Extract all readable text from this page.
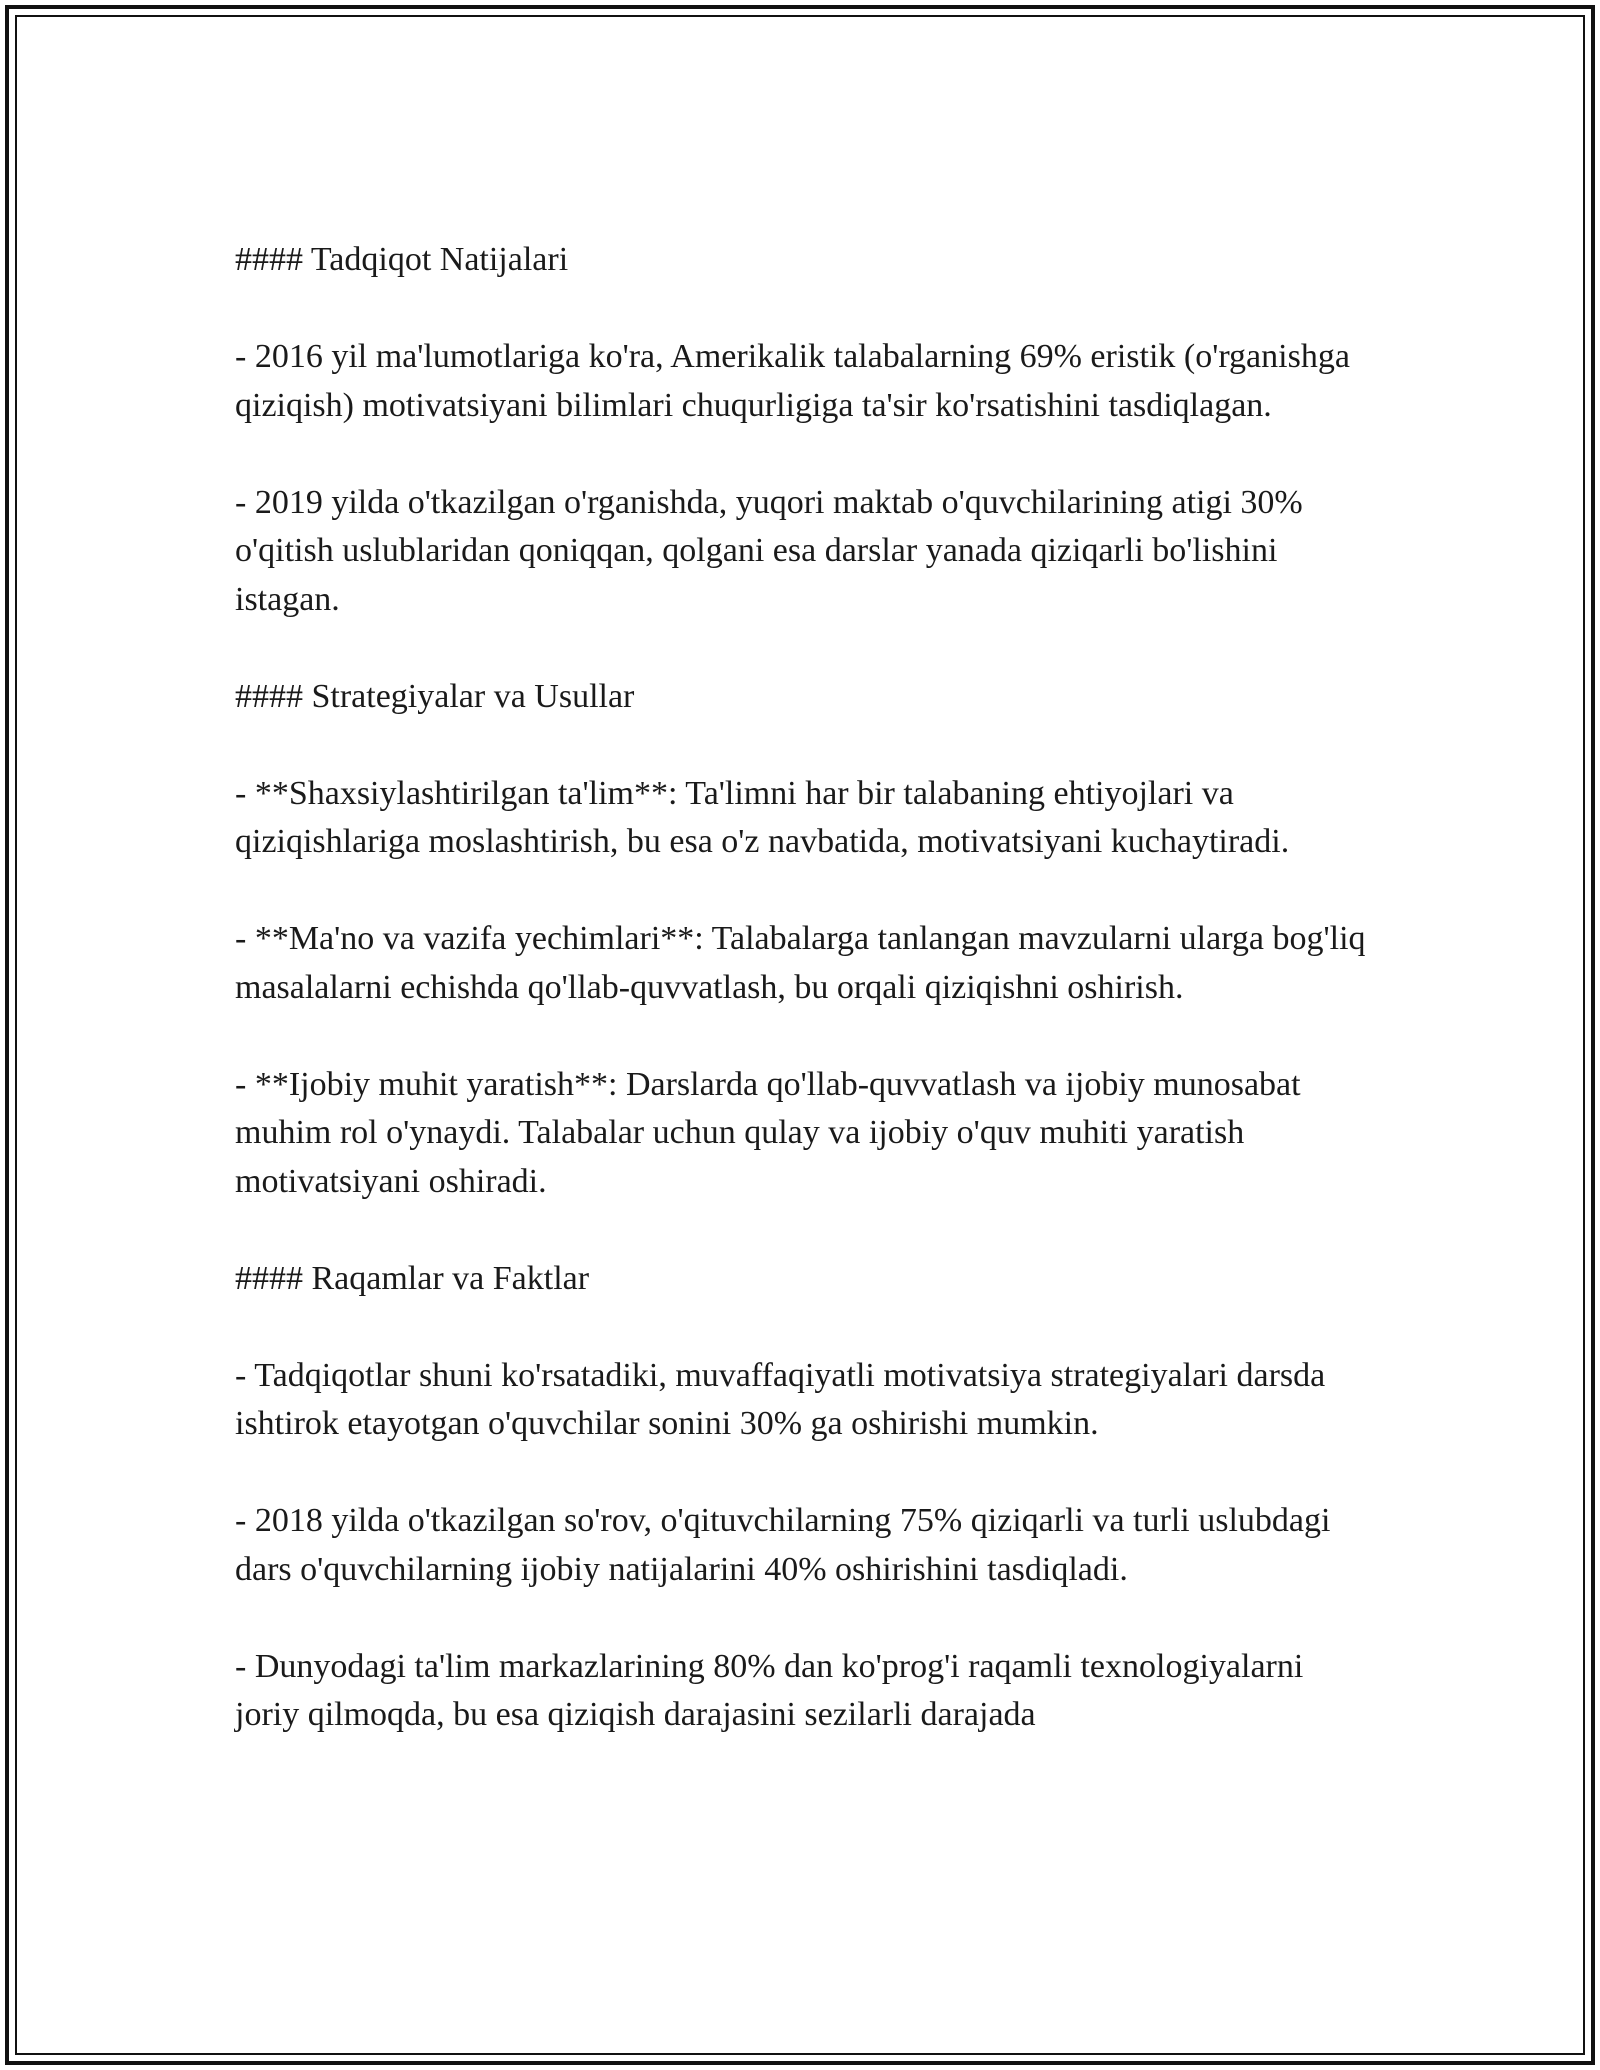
#### Tadqiqot Natijalari

- 2016 yil ma'lumotlariga ko'ra, Amerikalik talabalarning 69% eristik (o'rganishga qiziqish) motivatsiyani bilimlari chuqurligiga ta'sir ko'rsatishini tasdiqlagan.

- 2019 yilda o'tkazilgan o'rganishda, yuqori maktab o'quvchilarining atigi 30% o'qitish uslublaridan qoniqqan, qolgani esa darslar yanada qiziqarli bo'lishini istagan.

#### Strategiyalar va Usullar

- **Shaxsiylashtirilgan ta'lim**: Ta'limni har bir talabaning ehtiyojlari va qiziqishlariga moslashtirish, bu esa o'z navbatida, motivatsiyani kuchaytiradi.

- **Ma'no va vazifa yechimlari**: Talabalarga tanlangan mavzularni ularga bog'liq masalalarni echishda qo'llab-quvvatlash, bu orqali qiziqishni oshirish.

- **Ijobiy muhit yaratish**: Darslarda qo'llab-quvvatlash va ijobiy munosabat muhim rol o'ynaydi. Talabalar uchun qulay va ijobiy o'quv muhiti yaratish motivatsiyani oshiradi.

#### Raqamlar va Faktlar

- Tadqiqotlar shuni ko'rsatadiki, muvaffaqiyatli motivatsiya strategiyalari darsda ishtirok etayotgan o'quvchilar sonini 30% ga oshirishi mumkin.

- 2018 yilda o'tkazilgan so'rov, o'qituvchilarning 75% qiziqarli va turli uslubdagi dars o'quvchilarning ijobiy natijalarini 40% oshirishini tasdiqladi.

- Dunyodagi ta'lim markazlarining 80% dan ko'prog'i raqamli texnologiyalarni joriy qilmoqda, bu esa qiziqish darajasini sezilarli darajada
